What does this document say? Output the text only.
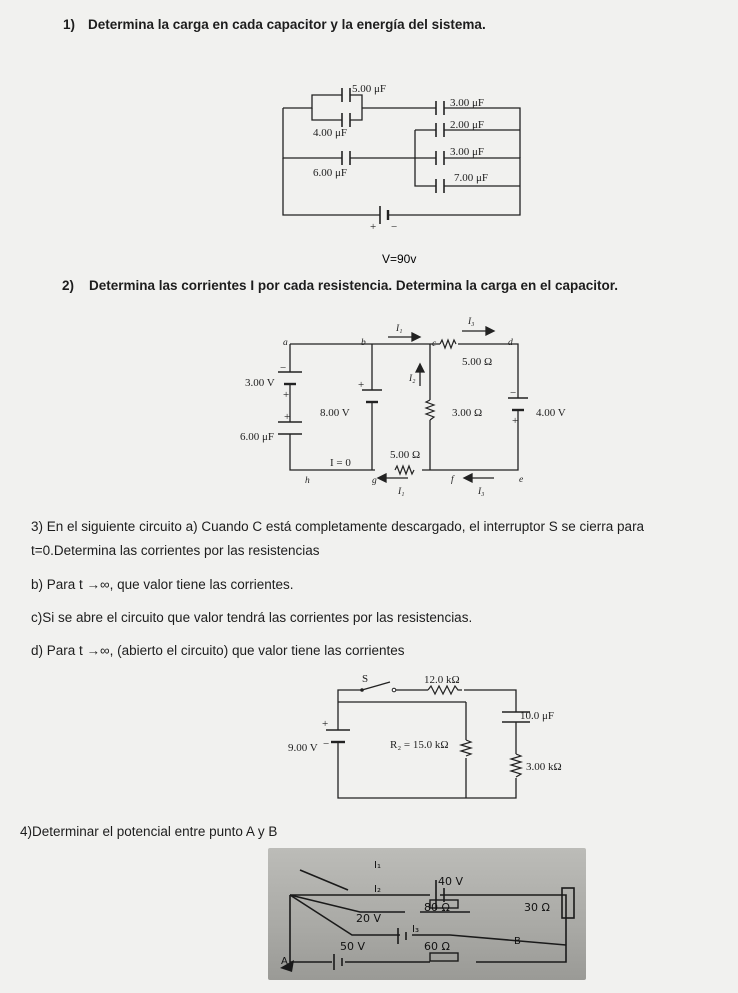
1) Determina la carga en cada capacitor y la energía del sistema.
5.00 μF
4.00 μF
6.00 μF
3.00 μF
2.00 μF
3.00 μF
7.00 μF
+ −
V=90v
2) Determina las corrientes I por cada resistencia. Determina la carga en el capacitor.
a	b	c	d
e
f
g
h
I₁
I₃
I₂
I₁	I₃
I = 0
3.00 V
8.00 V	4.00 V
6.00 μF
5.00 Ω
3.00 Ω
5.00 Ω
−
+
+
+
−
+
3) En el siguiente circuito a) Cuando C está completamente descargado, el interruptor S se cierra para
t=0.Determina las corrientes por las resistencias
b) Para t →∞, que valor tiene las corrientes.
c)Si se abre el circuito que valor tendrá las corrientes por las resistencias.
d) Para t →∞, (abierto el circuito) que valor tiene las corrientes
S	12.0 kΩ
10.0 μF
9.00 V	R₂ = 15.0 kΩ
3.00 kΩ
+
−
4)Determinar el potencial entre punto A y B
I₁
I₂
I₃
40 V
20 V
50 V
80 Ω
60 Ω
30 Ω
A
B
